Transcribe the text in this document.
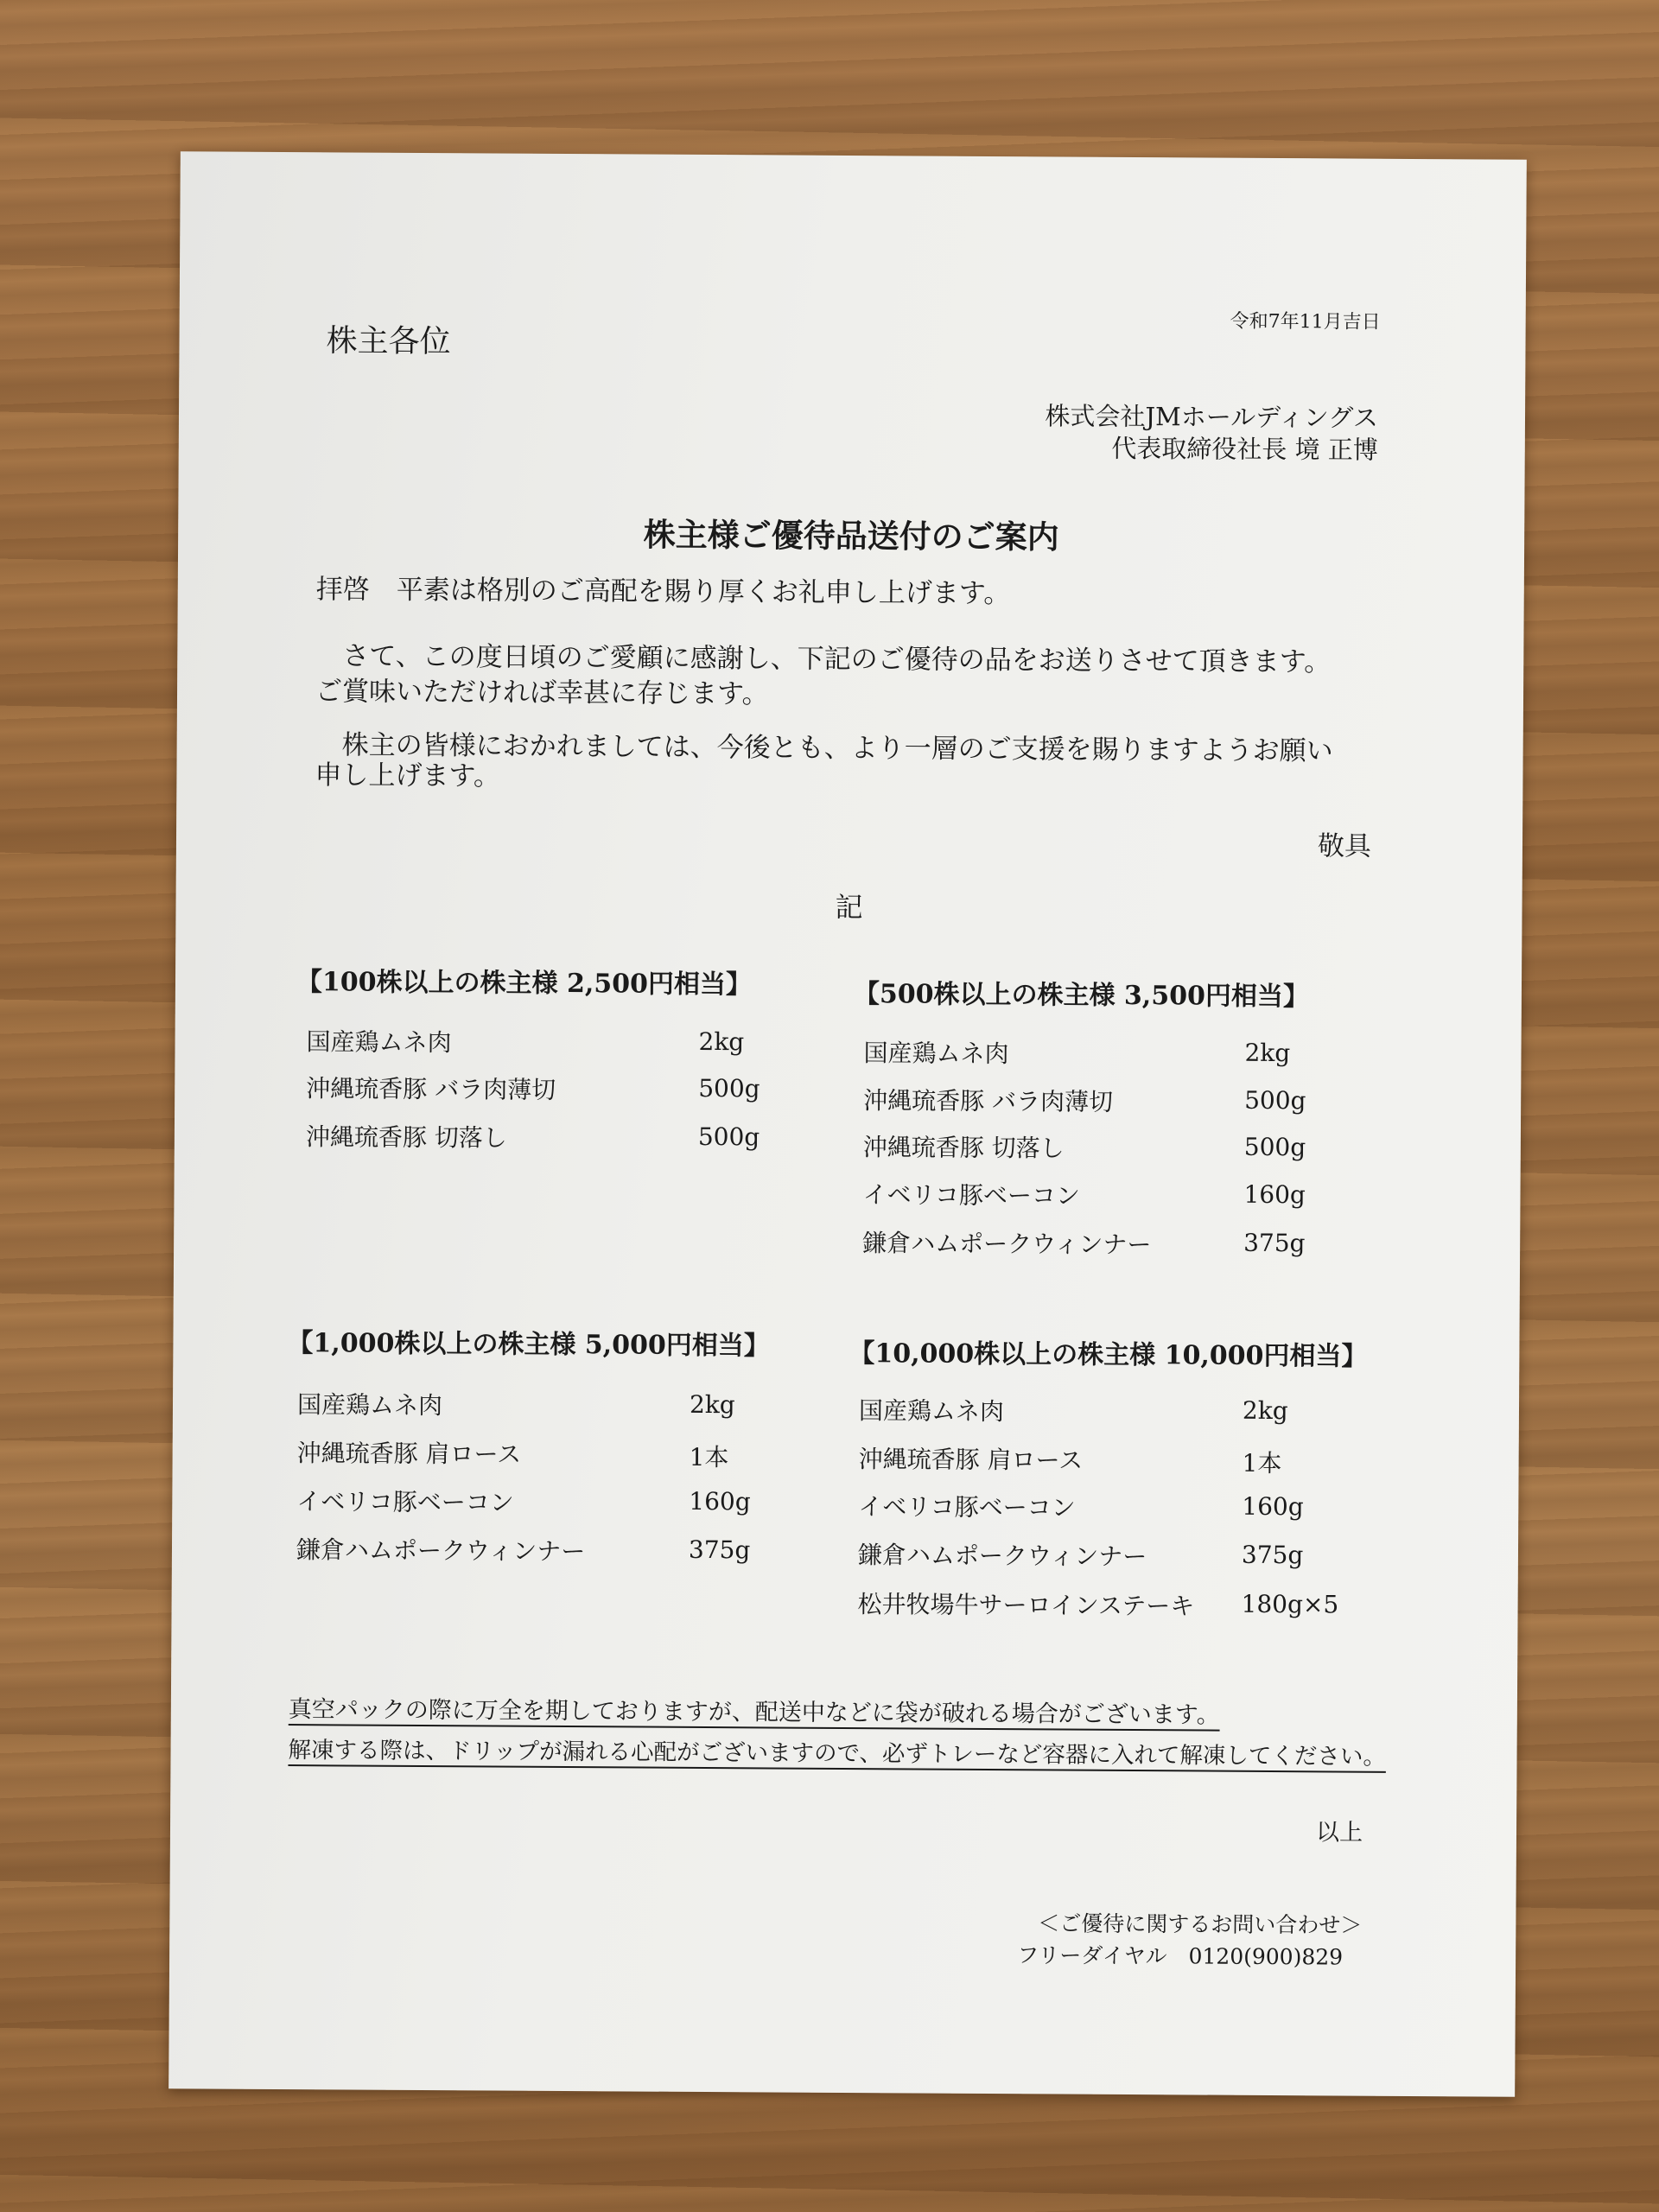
株主各位
令和7年11月吉日
株式会社JMホールディングス
代表取締役社長 境 正博
株主様ご優待品送付のご案内
拝啓　平素は格別のご高配を賜り厚くお礼申し上げます。
　さて、この度日頃のご愛顧に感謝し、下記のご優待の品をお送りさせて頂きます。
ご賞味いただければ幸甚に存じます。
　株主の皆様におかれましては、今後とも、より一層のご支援を賜りますようお願い
申し上げます。
敬具
記
【100株以上の株主様 2,500円相当】
国産鶏ムネ肉	2kg
沖縄琉香豚 バラ肉薄切	500g
沖縄琉香豚 切落し	500g
【500株以上の株主様 3,500円相当】
国産鶏ムネ肉	2kg
沖縄琉香豚 バラ肉薄切	500g
沖縄琉香豚 切落し	500g
イベリコ豚ベーコン	160g
鎌倉ハムポークウィンナー	375g
【1,000株以上の株主様 5,000円相当】
国産鶏ムネ肉	2kg
沖縄琉香豚 肩ロース	1本
イベリコ豚ベーコン	160g
鎌倉ハムポークウィンナー	375g
【10,000株以上の株主様 10,000円相当】
国産鶏ムネ肉	2kg
沖縄琉香豚 肩ロース	1本
イベリコ豚ベーコン	160g
鎌倉ハムポークウィンナー	375g
松井牧場牛サーロインステーキ 180g×5
真空パックの際に万全を期しておりますが、配送中などに袋が破れる場合がございます。
解凍する際は、ドリップが漏れる心配がございますので、必ずトレーなど容器に入れて解凍してください。
以上
＜ご優待に関するお問い合わせ＞
フリーダイヤル　0120(900)829
